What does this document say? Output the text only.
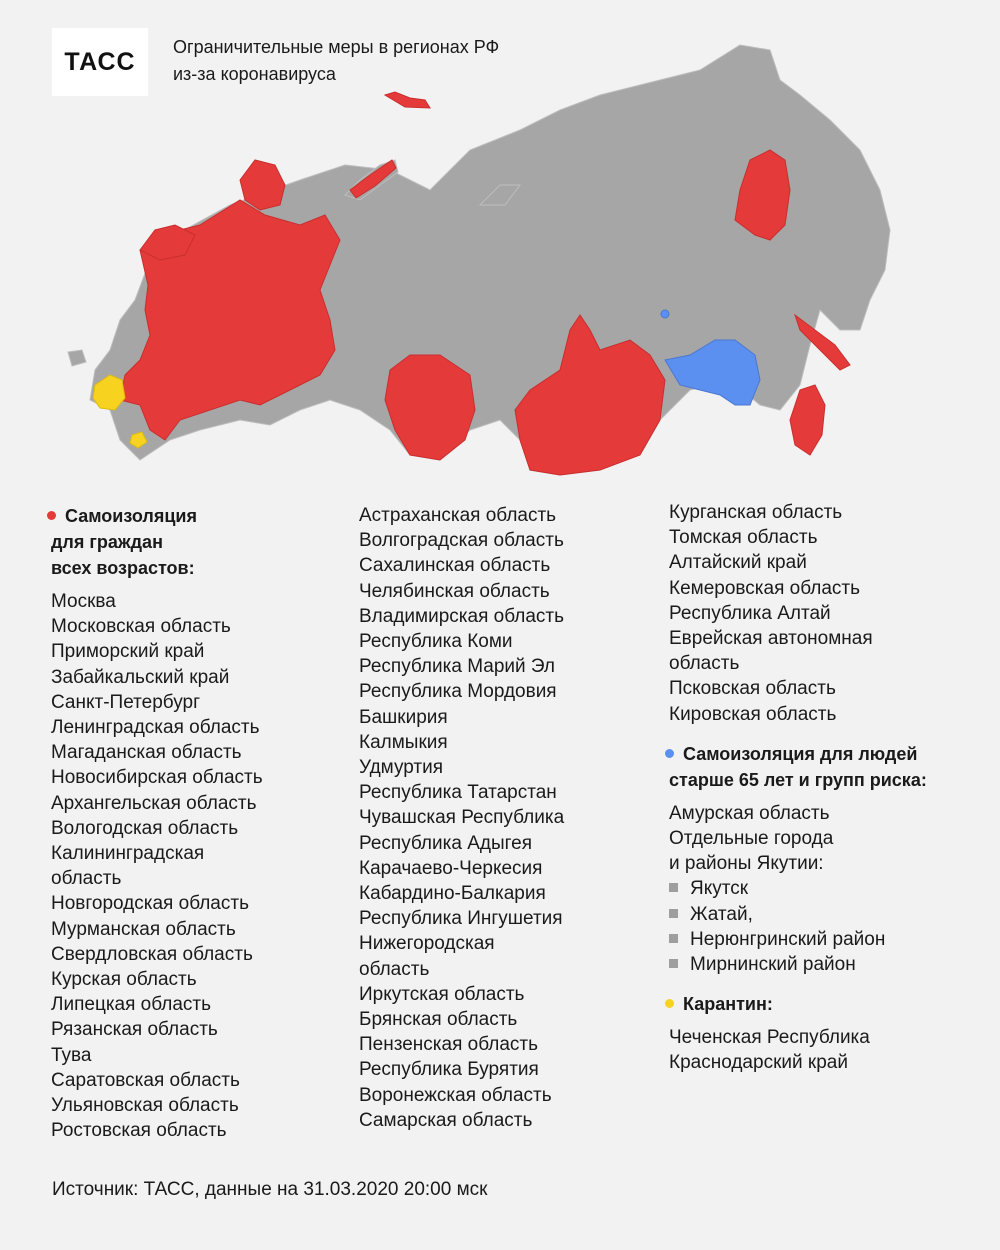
ТАСС
Ограничительные меры в регионах РФ
из-за коронавируса
Самоизоляция
для граждан
всех возрастов:
Москва
Московская область
Приморский край
Забайкальский край
Санкт-Петербург
Ленинградская область
Магаданская область
Новосибирская область
Архангельская область
Вологодская область
Калининградская
область
Новгородская область
Мурманская область
Свердловская область
Курская область
Липецкая область
Рязанская область
Тува
Саратовская область
Ульяновская область
Ростовская область
Астраханская область
Волгоградская область
Сахалинская область
Челябинская область
Владимирская область
Республика Коми
Республика Марий Эл
Республика Мордовия
Башкирия
Калмыкия
Удмуртия
Республика Татарстан
Чувашская Республика
Республика Адыгея
Карачаево-Черкесия
Кабардино-Балкария
Республика Ингушетия
Нижегородская
область
Иркутская область
Брянская область
Пензенская область
Республика Бурятия
Воронежская область
Самарская область
Курганская область
Томская область
Алтайский край
Кемеровская область
Республика Алтай
Еврейская автономная
область
Псковская область
Кировская область
Самоизоляция для людей
старше 65 лет и групп риска:
Амурская область
Отдельные города
и районы Якутии:
Якутск
Жатай,
Нерюнгринский район
Мирнинский район
Карантин:
Чеченская Республика
Краснодарский край
Источник: ТАСС, данные на 31.03.2020 20:00 мск
